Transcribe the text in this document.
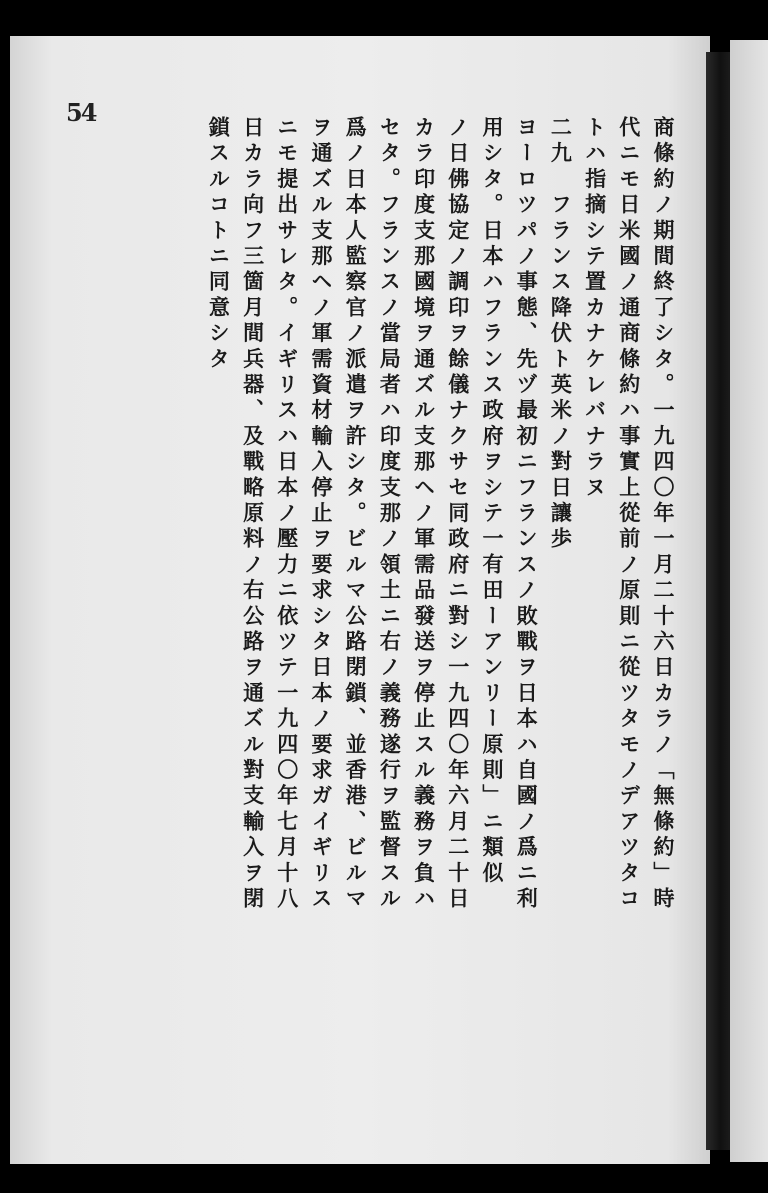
54

商條約ノ期間終了シタ。一九四〇年一月二十六日カラノ「無條約」時

代ニモ日米國ノ通商條約ハ事實上從前ノ原則ニ從ツタモノデアツタコ

トハ指摘シテ置カナケレバナラヌ

二九　フランス降伏ト英米ノ對日讓歩

ヨーロツパノ事態、先ヅ最初ニフランスノ敗戰ヲ日本ハ自國ノ爲ニ利

用シタ。日本ハフランス政府ヲシテ一有田ーアンリー原則」ニ類似

ノ日佛協定ノ調印ヲ餘儀ナクサセ同政府ニ對シ一九四〇年六月二十日

カラ印度支那國境ヲ通ズル支那ヘノ軍需品發送ヲ停止スル義務ヲ負ハ

セタ。フランスノ當局者ハ印度支那ノ領土ニ右ノ義務遂行ヲ監督スル

爲ノ日本人監察官ノ派遣ヲ許シタ。ビルマ公路閉鎖、並香港、ビルマ

ヲ通ズル支那ヘノ軍需資材輸入停止ヲ要求シタ日本ノ要求ガイギリス

ニモ提出サレタ。イギリスハ日本ノ壓力ニ依ツテ一九四〇年七月十八

日カラ向フ三箇月間兵器、及戰略原料ノ右公路ヲ通ズル對支輸入ヲ閉

鎖スルコトニ同意シタ
